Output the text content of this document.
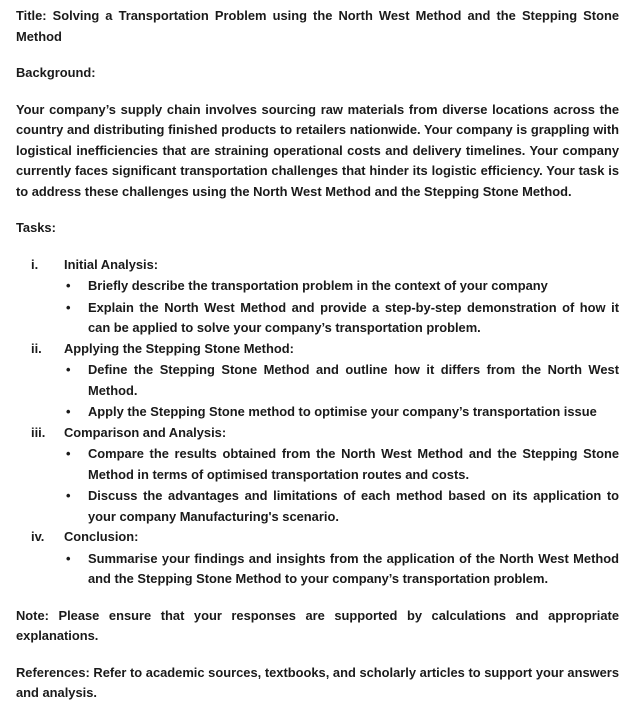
Title: Solving a Transportation Problem using the North West Method and the Stepping Stone Method

Background:

Your company’s supply chain involves sourcing raw materials from diverse locations across the country and distributing finished products to retailers nationwide. Your company is grappling with logistical inefficiencies that are straining operational costs and delivery timelines. Your company currently faces significant transportation challenges that hinder its logistic efficiency. Your task is to address these challenges using the North West Method and the Stepping Stone Method.

Tasks:

i.	Initial Analysis:
• Briefly describe the transportation problem in the context of your company
• Explain the North West Method and provide a step-by-step demonstration of how it can be applied to solve your company’s transportation problem.
ii.	Applying the Stepping Stone Method:
• Define the Stepping Stone Method and outline how it differs from the North West Method.
• Apply the Stepping Stone method to optimise your company’s transportation issue
iii.	Comparison and Analysis:
• Compare the results obtained from the North West Method and the Stepping Stone Method in terms of optimised transportation routes and costs.
• Discuss the advantages and limitations of each method based on its application to your company Manufacturing's scenario.
iv.	Conclusion:
• Summarise your findings and insights from the application of the North West Method and the Stepping Stone Method to your company’s transportation problem.

Note: Please ensure that your responses are supported by calculations and appropriate explanations.

References: Refer to academic sources, textbooks, and scholarly articles to support your answers and analysis.
